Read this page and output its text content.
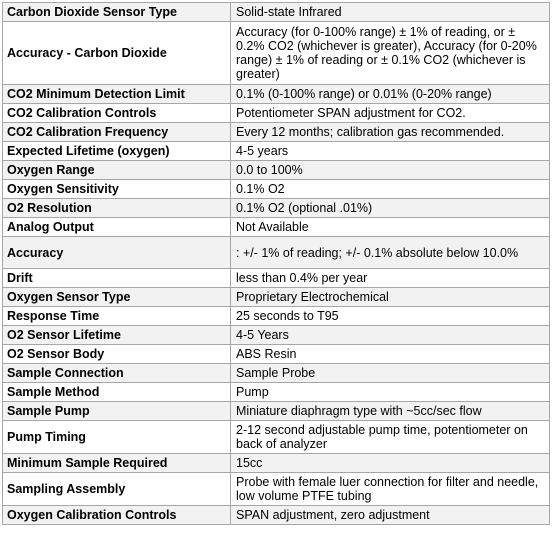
Carbon Dioxide Sensor Type	Solid-state Infrared
Accuracy - Carbon Dioxide	Accuracy (for 0-100% range) ± 1% of reading, or ± 0.2% CO2 (whichever is greater), Accuracy (for 0-20% range) ± 1% of reading or ± 0.1% CO2 (whichever is greater)
CO2 Minimum Detection Limit	0.1% (0-100% range) or 0.01% (0-20% range)
CO2 Calibration Controls	Potentiometer SPAN adjustment for CO2.
CO2 Calibration Frequency	Every 12 months; calibration gas recommended.
Expected Lifetime (oxygen)	4-5 years
Oxygen Range	0.0 to 100%
Oxygen Sensitivity	0.1% O2
O2 Resolution	0.1% O2 (optional .01%)
Analog Output	Not Available
Accuracy	: +/- 1% of reading; +/- 0.1% absolute below 10.0%
Drift	less than 0.4% per year
Oxygen Sensor Type	Proprietary Electrochemical
Response Time	25 seconds to T95
O2 Sensor Lifetime	4-5 Years
O2 Sensor Body	ABS Resin
Sample Connection	Sample Probe
Sample Method	Pump
Sample Pump	Miniature diaphragm type with ~5cc/sec flow
Pump Timing	2-12 second adjustable pump time, potentiometer on back of analyzer
Minimum Sample Required	15cc
Sampling Assembly	Probe with female luer connection for filter and needle, low volume PTFE tubing
Oxygen Calibration Controls	SPAN adjustment, zero adjustment
